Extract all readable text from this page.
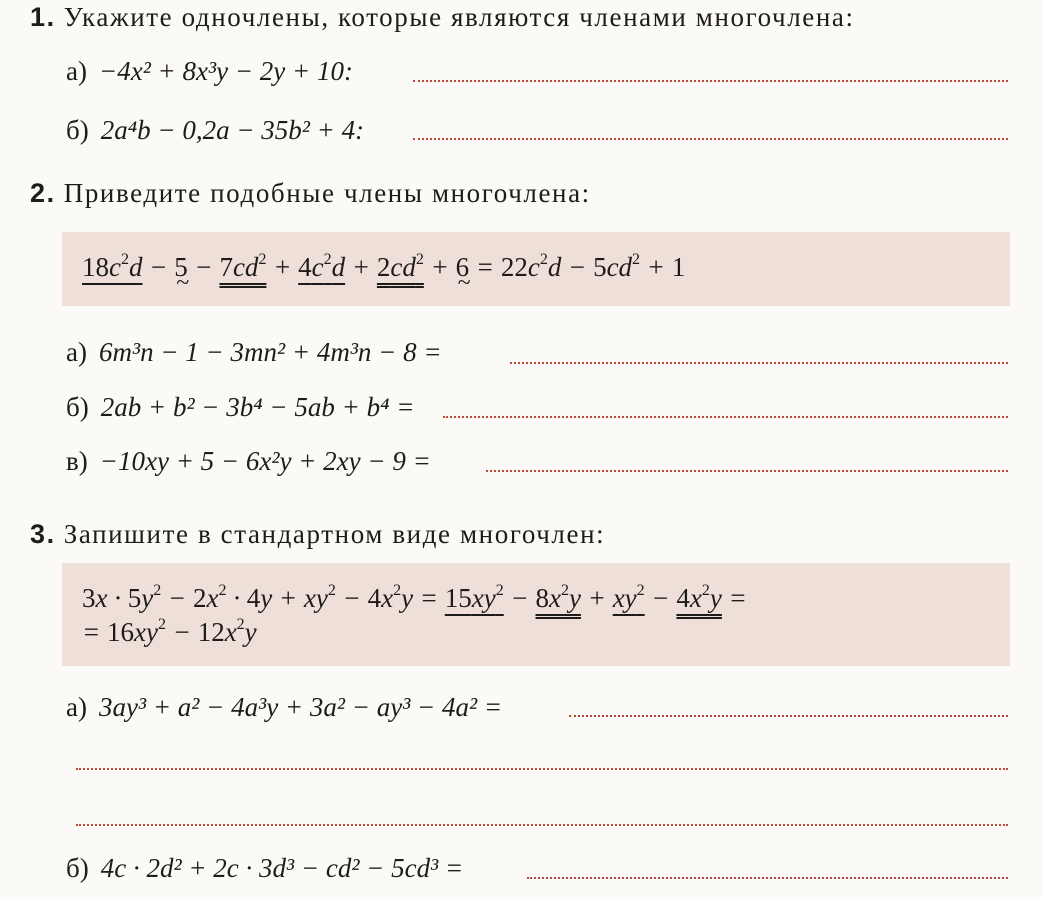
1. Укажите одночлены, которые являются членами многочлена:
а) −4x² + 8x³y − 2y + 10:
б) 2a⁴b − 0,2a − 35b² + 4:
2. Приведите подобные члены многочлена:
$18c^2d - 5$ ~ − $7cd^2 + 4c^2d + 2cd^2 + 6$ ~ = $22c^2d - 5cd^2 + 1$
а) 6m³n − 1 − 3mn² + 4m³n − 8 =
б) 2ab + b² − 3b⁴ − 5ab + b⁴ =
в) −10xy + 5 − 6x²y + 2xy − 9 =
3. Запишите в стандартном виде многочлен:
$3x \cdot 5y^2 - 2x^2 \cdot 4y + xy^2 - 4x^2y = 15xy^2 - 8x^2y + xy^2 - 4x^2y$ =
= $16xy^2 - 12x^2y$
а) 3ay³ + a² − 4a³y + 3a² − ay³ − 4a² =
б) 4c · 2d² + 2c · 3d³ − cd² − 5cd³ =
